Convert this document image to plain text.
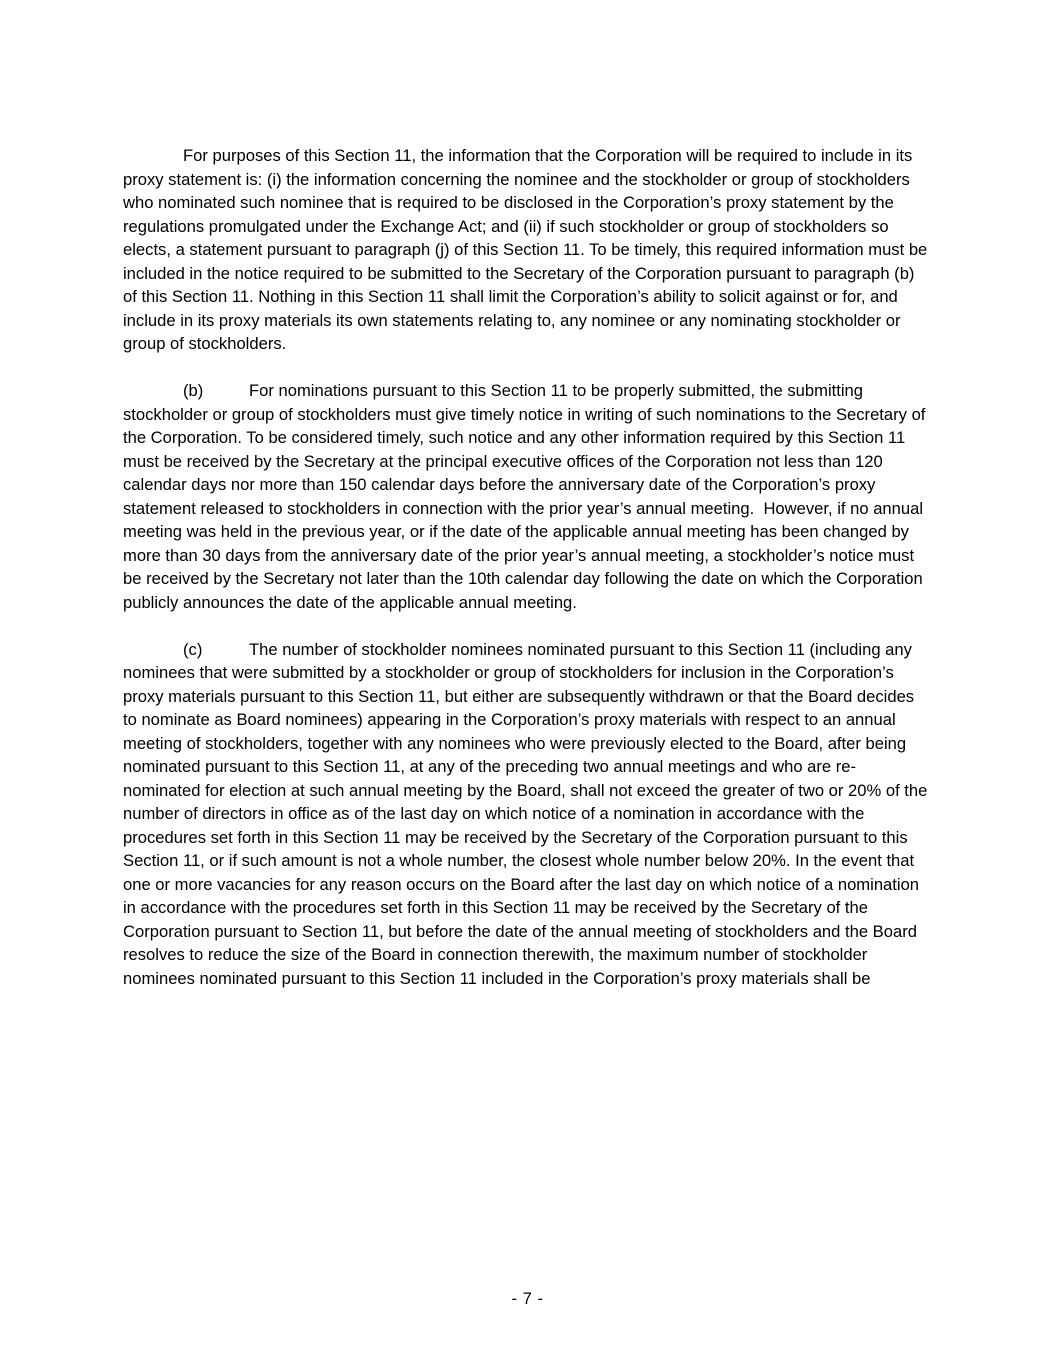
For purposes of this Section 11, the information that the Corporation will be required to include in its proxy statement is: (i) the information concerning the nominee and the stockholder or group of stockholders who nominated such nominee that is required to be disclosed in the Corporation’s proxy statement by the regulations promulgated under the Exchange Act; and (ii) if such stockholder or group of stockholders so elects, a statement pursuant to paragraph (j) of this Section 11. To be timely, this required information must be included in the notice required to be submitted to the Secretary of the Corporation pursuant to paragraph (b) of this Section 11. Nothing in this Section 11 shall limit the Corporation’s ability to solicit against or for, and include in its proxy materials its own statements relating to, any nominee or any nominating stockholder or group of stockholders.

(b)	For nominations pursuant to this Section 11 to be properly submitted, the submitting stockholder or group of stockholders must give timely notice in writing of such nominations to the Secretary of the Corporation. To be considered timely, such notice and any other information required by this Section 11 must be received by the Secretary at the principal executive offices of the Corporation not less than 120 calendar days nor more than 150 calendar days before the anniversary date of the Corporation’s proxy statement released to stockholders in connection with the prior year’s annual meeting.  However, if no annual meeting was held in the previous year, or if the date of the applicable annual meeting has been changed by more than 30 days from the anniversary date of the prior year’s annual meeting, a stockholder’s notice must be received by the Secretary not later than the 10th calendar day following the date on which the Corporation publicly announces the date of the applicable annual meeting.

(c)	The number of stockholder nominees nominated pursuant to this Section 11 (including any nominees that were submitted by a stockholder or group of stockholders for inclusion in the Corporation’s proxy materials pursuant to this Section 11, but either are subsequently withdrawn or that the Board decides to nominate as Board nominees) appearing in the Corporation’s proxy materials with respect to an annual meeting of stockholders, together with any nominees who were previously elected to the Board, after being nominated pursuant to this Section 11, at any of the preceding two annual meetings and who are re-nominated for election at such annual meeting by the Board, shall not exceed the greater of two or 20% of the number of directors in office as of the last day on which notice of a nomination in accordance with the procedures set forth in this Section 11 may be received by the Secretary of the Corporation pursuant to this Section 11, or if such amount is not a whole number, the closest whole number below 20%. In the event that one or more vacancies for any reason occurs on the Board after the last day on which notice of a nomination in accordance with the procedures set forth in this Section 11 may be received by the Secretary of the Corporation pursuant to Section 11, but before the date of the annual meeting of stockholders and the Board resolves to reduce the size of the Board in connection therewith, the maximum number of stockholder nominees nominated pursuant to this Section 11 included in the Corporation’s proxy materials shall be

- 7 -
